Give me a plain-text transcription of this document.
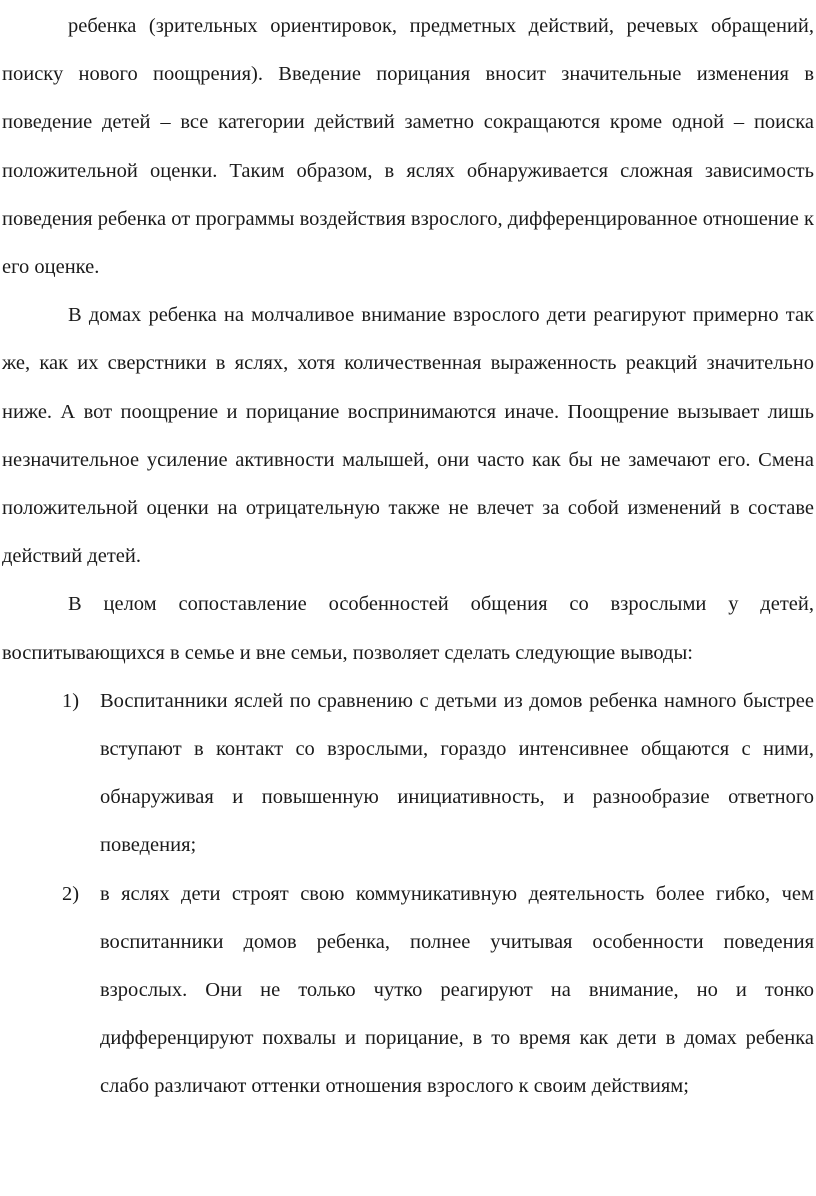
ребенка (зрительных ориентировок, предметных действий, речевых обращений, поиску нового поощрения). Введение порицания вносит значительные изменения в поведение детей – все категории действий заметно сокращаются кроме одной – поиска положительной оценки. Таким образом, в яслях обнаруживается сложная зависимость поведения ребенка от программы воздействия взрослого, дифференцированное отношение к его оценке.

В домах ребенка на молчаливое внимание взрослого дети реагируют примерно так же, как их сверстники в яслях, хотя количественная выраженность реакций значительно ниже. А вот поощрение и порицание воспринимаются иначе. Поощрение вызывает лишь незначительное усиление активности малышей, они часто как бы не замечают его. Смена положительной оценки на отрицательную также не влечет за собой изменений в составе действий детей.

В целом сопоставление особенностей общения со взрослыми у детей, воспитывающихся в семье и вне семьи, позволяет сделать следующие выводы:

1) Воспитанники яслей по сравнению с детьми из домов ребенка намного быстрее вступают в контакт со взрослыми, гораздо интенсивнее общаются с ними, обнаруживая и повышенную инициативность, и разнообразие ответного поведения;
2) в яслях дети строят свою коммуникативную деятельность более гибко, чем воспитанники домов ребенка, полнее учитывая особенности поведения взрослых. Они не только чутко реагируют на внимание, но и тонко дифференцируют похвалы и порицание, в то время как дети в домах ребенка слабо различают оттенки отношения взрослого к своим действиям;
